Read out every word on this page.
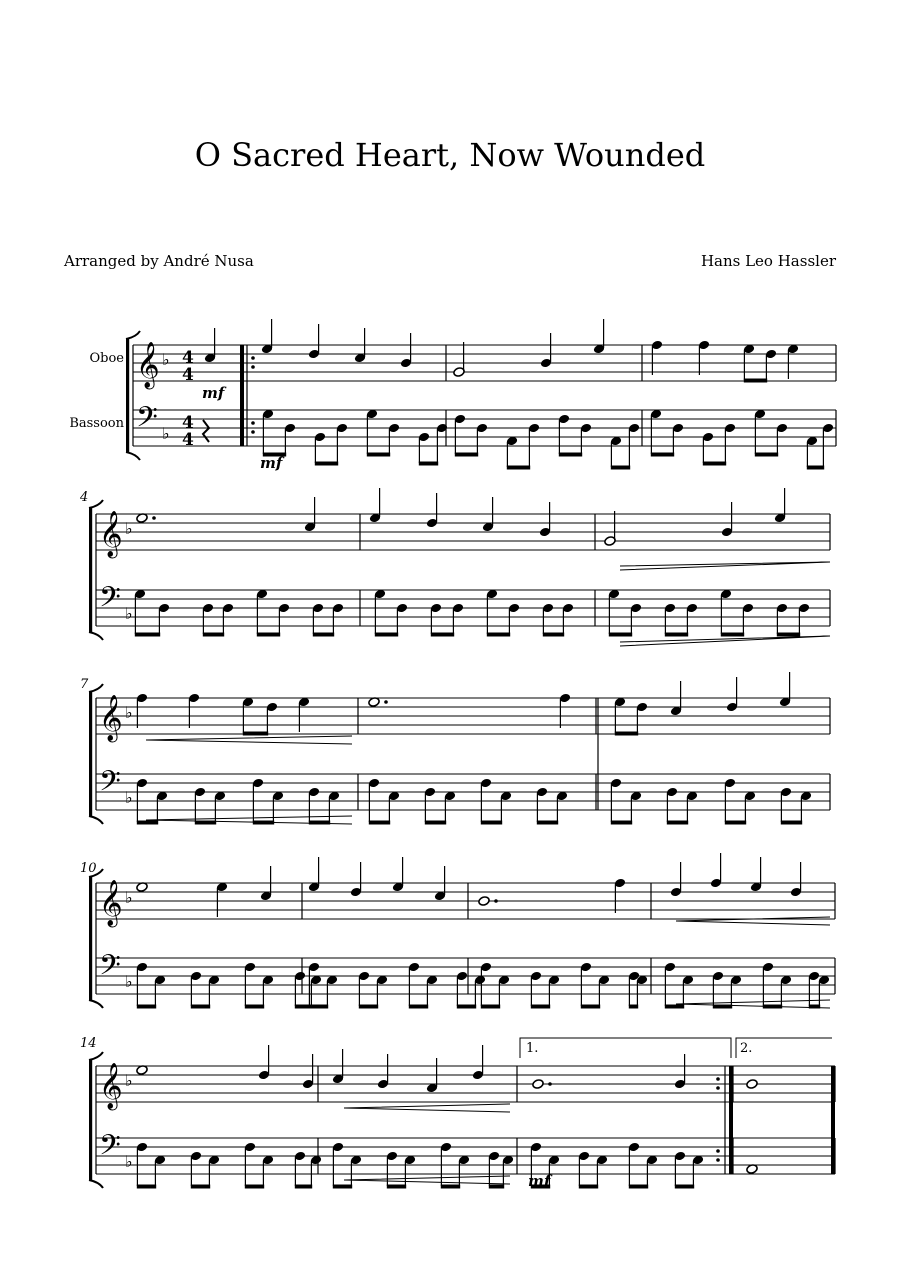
O Sacred Heart, Now Wounded
Arranged by André Nusa	Hans Leo Hassler
Oboe
Bassoon
𝄞
𝄢
♭
♭
4
4
4
4
𝄞
𝄢
♭
♭
𝄞
𝄢
♭
♭
𝄞
𝄢
♭
♭
𝄞
𝄢
♭
♭
4
7
10
14
mf
mf
mf
1.	2.
